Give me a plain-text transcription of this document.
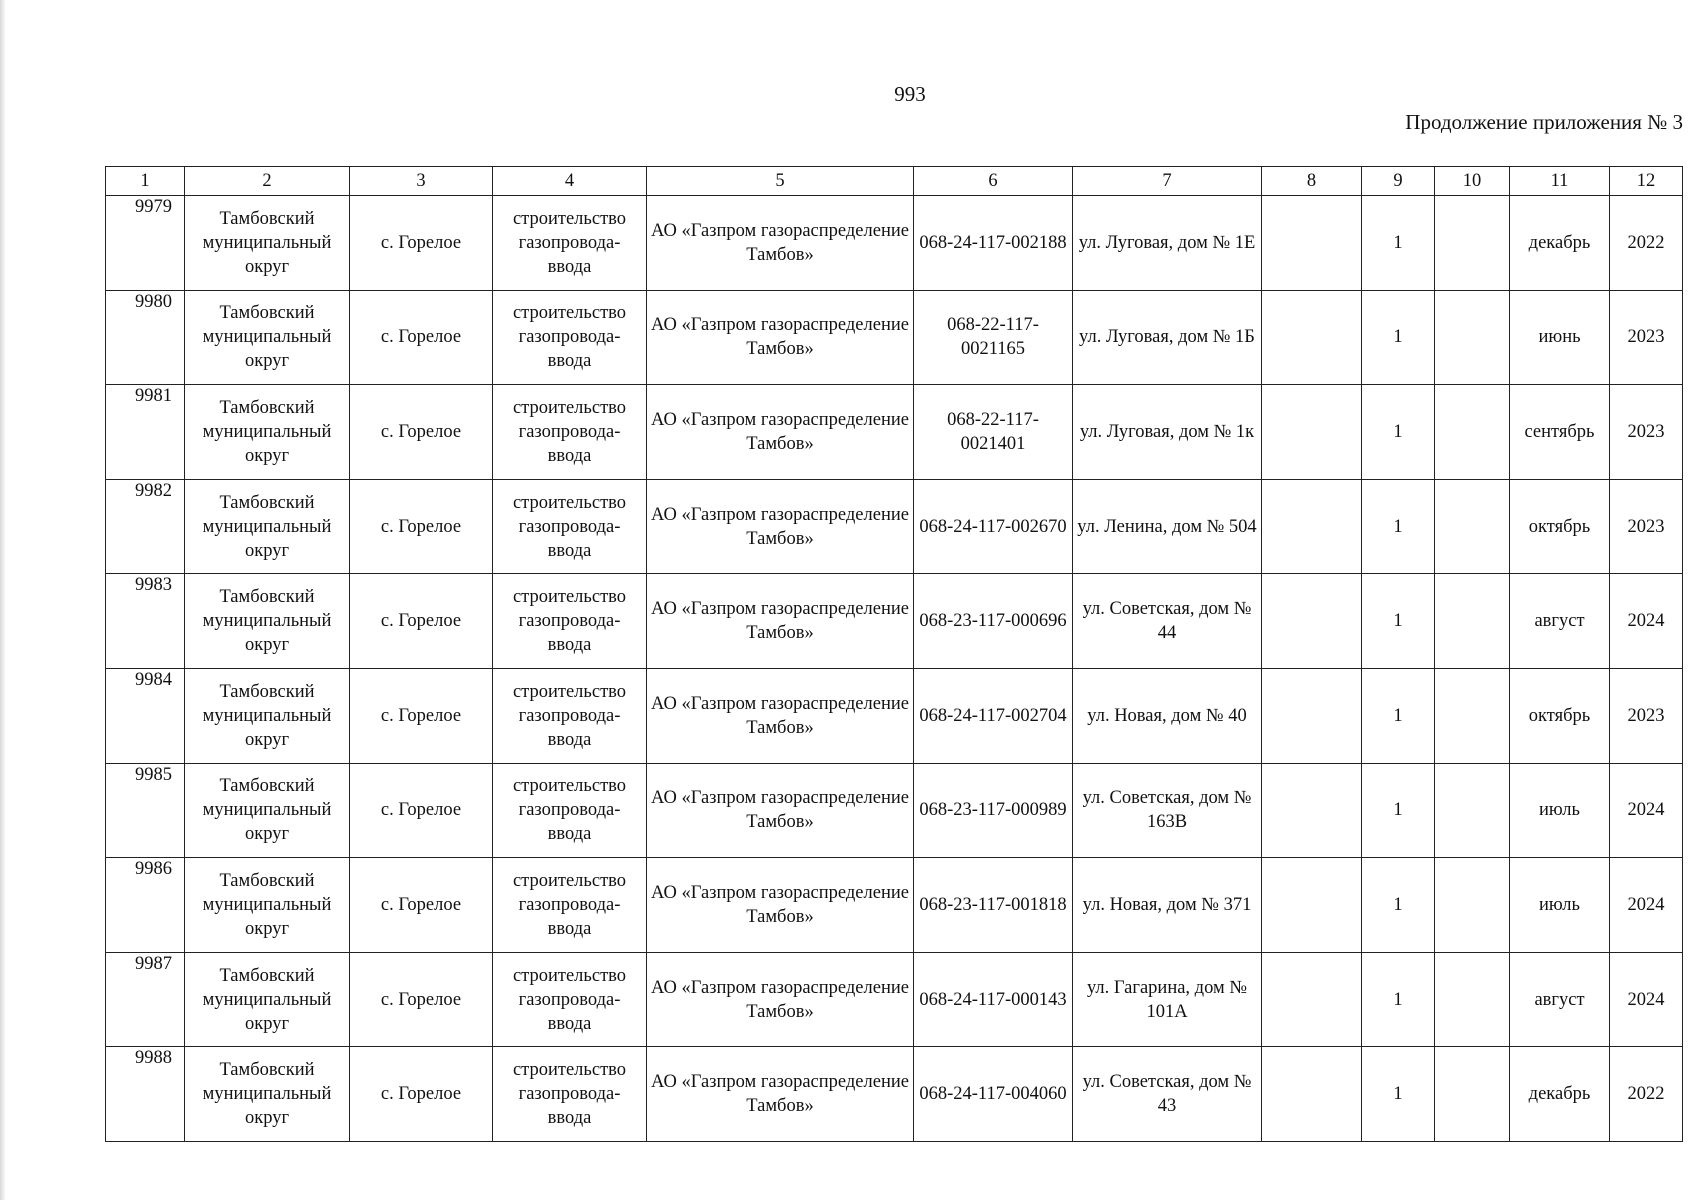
993
Продолжение приложения № 3
1	2	3	4	5	6	7	8	9	10	11	12
9979	Тамбовский муниципальный округ	с. Горелое	строительство газопровода-ввода	АО «Газпром газораспределение Тамбов»	068-24-117-002188	ул. Луговая, дом № 1Е		1		декабрь	2022
9980	Тамбовский муниципальный округ	с. Горелое	строительство газопровода-ввода	АО «Газпром газораспределение Тамбов»	068-22-117-0021165	ул. Луговая, дом № 1Б		1		июнь	2023
9981	Тамбовский муниципальный округ	с. Горелое	строительство газопровода-ввода	АО «Газпром газораспределение Тамбов»	068-22-117-0021401	ул. Луговая, дом № 1к		1		сентябрь	2023
9982	Тамбовский муниципальный округ	с. Горелое	строительство газопровода-ввода	АО «Газпром газораспределение Тамбов»	068-24-117-002670	ул. Ленина, дом № 504		1		октябрь	2023
9983	Тамбовский муниципальный округ	с. Горелое	строительство газопровода-ввода	АО «Газпром газораспределение Тамбов»	068-23-117-000696	ул. Советская, дом № 44		1		август	2024
9984	Тамбовский муниципальный округ	с. Горелое	строительство газопровода-ввода	АО «Газпром газораспределение Тамбов»	068-24-117-002704	ул. Новая, дом № 40		1		октябрь	2023
9985	Тамбовский муниципальный округ	с. Горелое	строительство газопровода-ввода	АО «Газпром газораспределение Тамбов»	068-23-117-000989	ул. Советская, дом № 163В		1		июль	2024
9986	Тамбовский муниципальный округ	с. Горелое	строительство газопровода-ввода	АО «Газпром газораспределение Тамбов»	068-23-117-001818	ул. Новая, дом № 371		1		июль	2024
9987	Тамбовский муниципальный округ	с. Горелое	строительство газопровода-ввода	АО «Газпром газораспределение Тамбов»	068-24-117-000143	ул. Гагарина, дом № 101А		1		август	2024
9988	Тамбовский муниципальный округ	с. Горелое	строительство газопровода-ввода	АО «Газпром газораспределение Тамбов»	068-24-117-004060	ул. Советская, дом № 43		1		декабрь	2022
